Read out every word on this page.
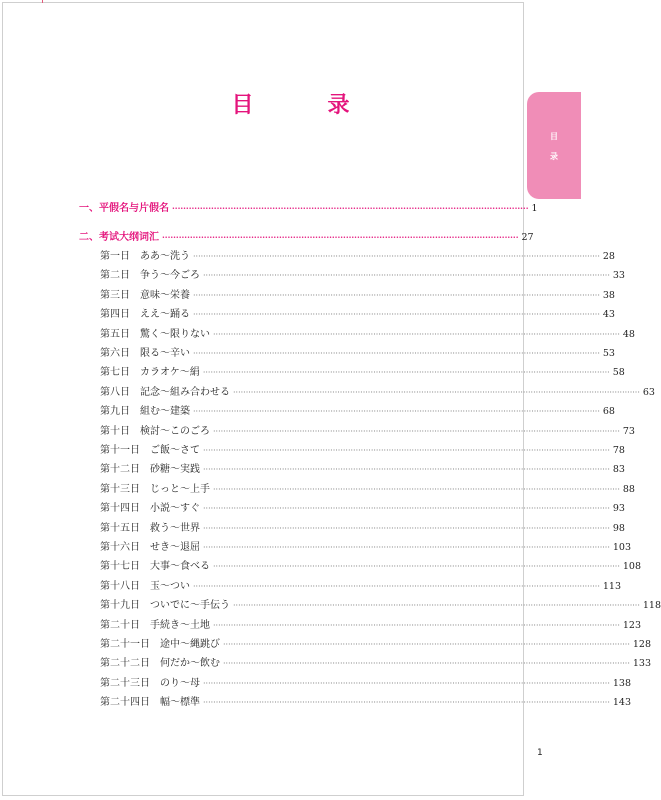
目　录
目
录
一、平假名与片假名 ································································································································ 1
二、考试大纲词汇 ································································································································ 27
第一日 ああ～洗う ································································································································································ 28
第二日 争う～今ごろ ································································································································································ 33
第三日 意味～栄養 ································································································································································ 38
第四日 ええ～踊る ································································································································································ 43
第五日 驚く～限りない ································································································································································ 48
第六日 限る～辛い ································································································································································ 53
第七日 カラオケ～絹 ································································································································································ 58
第八日 記念～組み合わせる ································································································································································ 63
第九日 組む～建築 ································································································································································ 68
第十日 検討～このごろ ································································································································································ 73
第十一日 ご飯～さて ································································································································································ 78
第十二日 砂糖～実践 ································································································································································ 83
第十三日 じっと～上手 ································································································································································ 88
第十四日 小説～すぐ ································································································································································ 93
第十五日 救う～世界 ································································································································································ 98
第十六日 せき～退屈 ································································································································································ 103
第十七日 大事～食べる ································································································································································ 108
第十八日 玉～つい ································································································································································ 113
第十九日 ついでに～手伝う ································································································································································ 118
第二十日 手続き～土地 ································································································································································ 123
第二十一日 途中～縄跳び ································································································································································ 128
第二十二日 何だか～飲む ································································································································································ 133
第二十三日 のり～母 ································································································································································ 138
第二十四日 幅～標準 ································································································································································ 143
1
